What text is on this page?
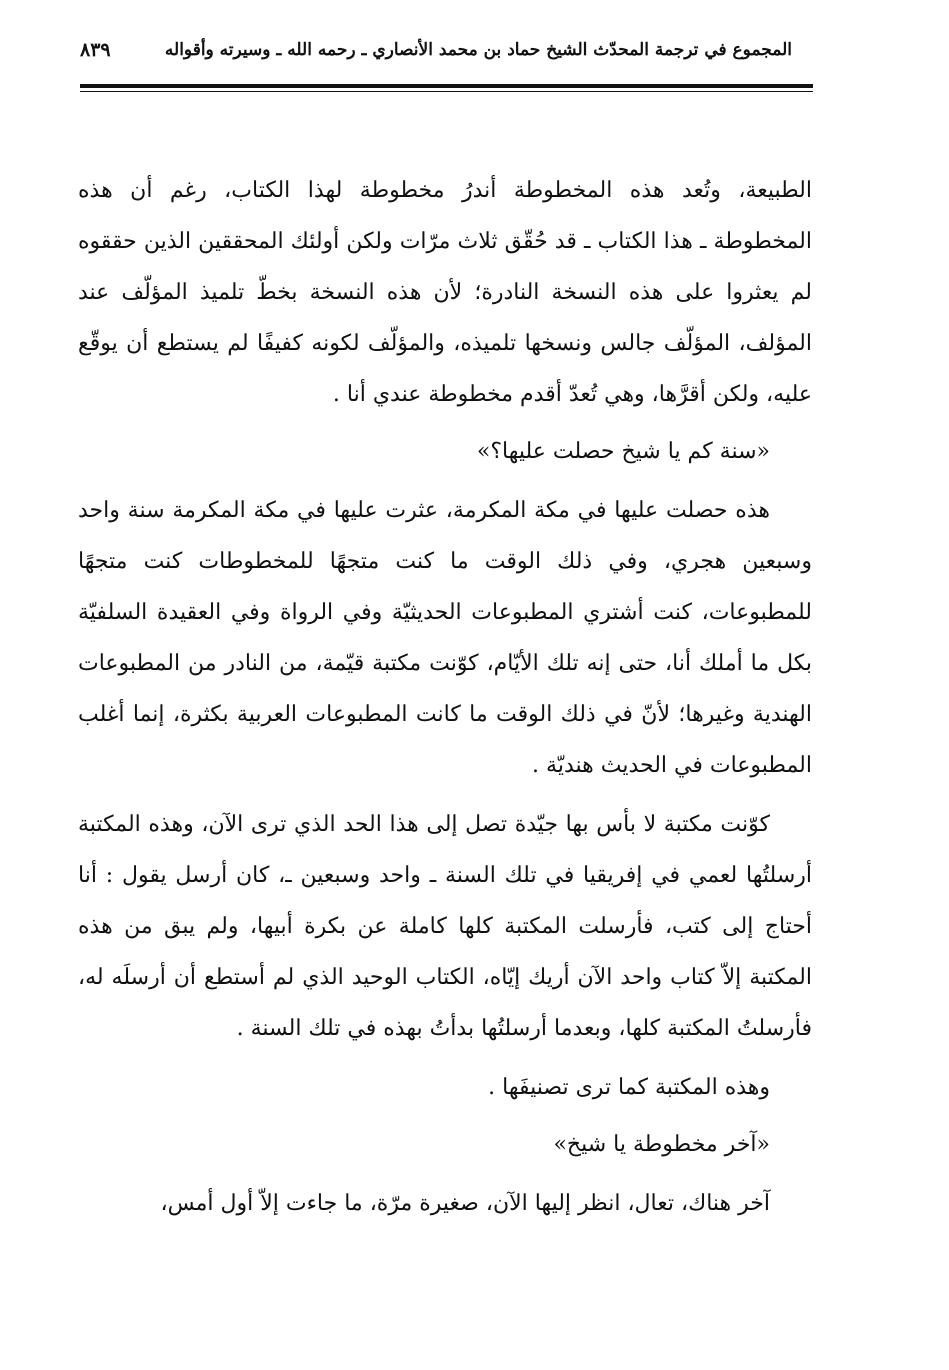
المجموع في ترجمة المحدّث الشيخ حماد بن محمد الأنصاري ـ رحمه الله ـ وسيرته وأقواله
٨٣٩

الطبيعة، وتُعد هذه المخطوطة أندرُ مخطوطة لهذا الكتاب، رغم أن هذه المخطوطة ـ هذا الكتاب ـ قد حُقّق ثلاث مرّات ولكن أولئك المحققين الذين حققوه لم يعثروا على هذه النسخة النادرة؛ لأن هذه النسخة بخطّ تلميذ المؤلّف عند المؤلف، المؤلّف جالس ونسخها تلميذه، والمؤلّف لكونه كفيفًا لم يستطع أن يوقّع عليه، ولكن أقرَّها، وهي تُعدّ أقدم مخطوطة عندي أنا .

«سنة كم يا شيخ حصلت عليها؟»

هذه حصلت عليها في مكة المكرمة، عثرت عليها في مكة المكرمة سنة واحد وسبعين هجري، وفي ذلك الوقت ما كنت متجهًا للمخطوطات كنت متجهًا للمطبوعات، كنت أشتري المطبوعات الحديثيّة وفي الرواة وفي العقيدة السلفيّة بكل ما أملك أنا، حتى إنه تلك الأيّام، كوّنت مكتبة قيّمة، من النادر من المطبوعات الهندية وغيرها؛ لأنّ في ذلك الوقت ما كانت المطبوعات العربية بكثرة، إنما أغلب المطبوعات في الحديث هنديّة .

كوّنت مكتبة لا بأس بها جيّدة تصل إلى هذا الحد الذي ترى الآن، وهذه المكتبة أرسلتُها لعمي في إفريقيا في تلك السنة ـ واحد وسبعين ـ، كان أرسل يقول : أنا أحتاج إلى كتب، فأرسلت المكتبة كلها كاملة عن بكرة أبيها، ولم يبق من هذه المكتبة إلاّ كتاب واحد الآن أريك إيّاه، الكتاب الوحيد الذي لم أستطع أن أرسلَه له، فأرسلتُ المكتبة كلها، وبعدما أرسلتُها بدأتُ بهذه في تلك السنة .

وهذه المكتبة كما ترى تصنيفَها .

«آخر مخطوطة يا شيخ»

آخر هناك، تعال، انظر إليها الآن، صغيرة مرّة، ما جاءت إلاّ أول أمس،
